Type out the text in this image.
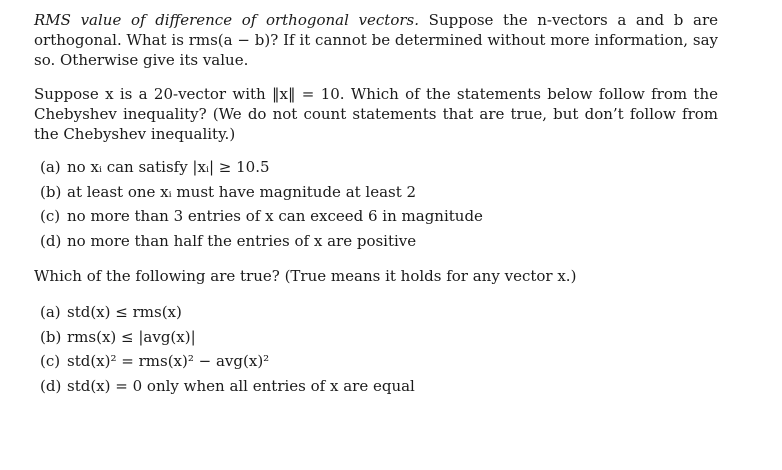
RMS value of difference of orthogonal vectors. Suppose the n-vectors a and b are orthogonal. What is rms(a − b)? If it cannot be determined without more information, say so. Otherwise give its value.

Suppose x is a 20-vector with ‖x‖ = 10. Which of the statements below follow from the Chebyshev inequality? (We do not count statements that are true, but don’t follow from the Chebyshev inequality.)

(a) no xᵢ can satisfy |xᵢ| ≥ 10.5
(b) at least one xᵢ must have magnitude at least 2
(c) no more than 3 entries of x can exceed 6 in magnitude
(d) no more than half the entries of x are positive

Which of the following are true? (True means it holds for any vector x.)

(a) std(x) ≤ rms(x)
(b) rms(x) ≤ |avg(x)|
(c) std(x)² = rms(x)² − avg(x)²
(d) std(x) = 0 only when all entries of x are equal
